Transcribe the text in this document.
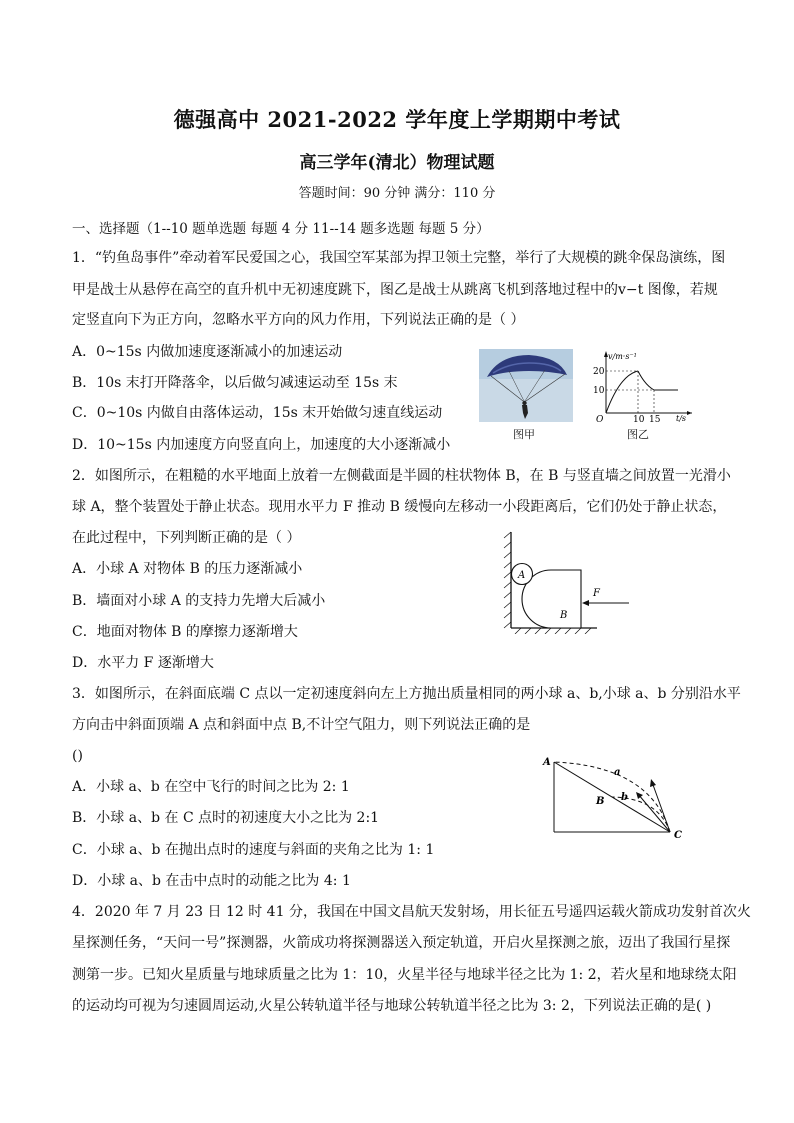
德强高中 2021-2022 学年度上学期期中考试
高三学年(清北）物理试题
答题时间：90 分钟 满分：110 分
一、选择题（1--10 题单选题 每题 4 分 11--14 题多选题 每题 5 分）
1．“钓鱼岛事件”牵动着军民爱国之心，我国空军某部为捍卫领土完整，举行了大规模的跳伞保岛演练，图
甲是战士从悬停在高空的直升机中无初速度跳下，图乙是战士从跳离飞机到落地过程中的v−t 图像，若规
定竖直向下为正方向，忽略水平方向的风力作用，下列说法正确的是（ ）
A．0~15s 内做加速度逐渐减小的加速运动
B．10s 末打开降落伞，以后做匀减速运动至 15s 末
C．0~10s 内做自由落体运动，15s 末开始做匀速直线运动
D．10~15s 内加速度方向竖直向上，加速度的大小逐渐减小
图甲
v/m·s⁻¹
t/s
O
20
10
10 15
图乙
2．如图所示，在粗糙的水平地面上放着一左侧截面是半圆的柱状物体 B，在 B 与竖直墙之间放置一光滑小
球 A，整个装置处于静止状态。现用水平力 F 推动 B 缓慢向左移动一小段距离后，它们仍处于静止状态，
在此过程中，下列判断正确的是（ ）
A．小球 A 对物体 B 的压力逐渐减小
B．墙面对小球 A 的支持力先增大后减小
C．地面对物体 B 的摩擦力逐渐增大
D．水平力 F 逐渐增大
A
B
F
3．如图所示，在斜面底端 C 点以一定初速度斜向左上方抛出质量相同的两小球 a、b,小球 a、b 分别沿水平
方向击中斜面顶端 A 点和斜面中点 B,不计空气阻力，则下列说法正确的是
()
A．小球 a、b 在空中飞行的时间之比为 2: 1
B．小球 a、b 在 C 点时的初速度大小之比为 2:1
C．小球 a、b 在抛出点时的速度与斜面的夹角之比为 1: 1
D．小球 a、b 在击中点时的动能之比为 4: 1
A
B
C
a
b
4．2020 年 7 月 23 日 12 时 41 分，我国在中国文昌航天发射场，用长征五号遥四运载火箭成功发射首次火
星探测任务，“天问一号”探测器，火箭成功将探测器送入预定轨道，开启火星探测之旅，迈出了我国行星探
测第一步。已知火星质量与地球质量之比为 1：10，火星半径与地球半径之比为 1: 2，若火星和地球绕太阳
的运动均可视为匀速圆周运动,火星公转轨道半径与地球公转轨道半径之比为 3: 2，下列说法正确的是( )
